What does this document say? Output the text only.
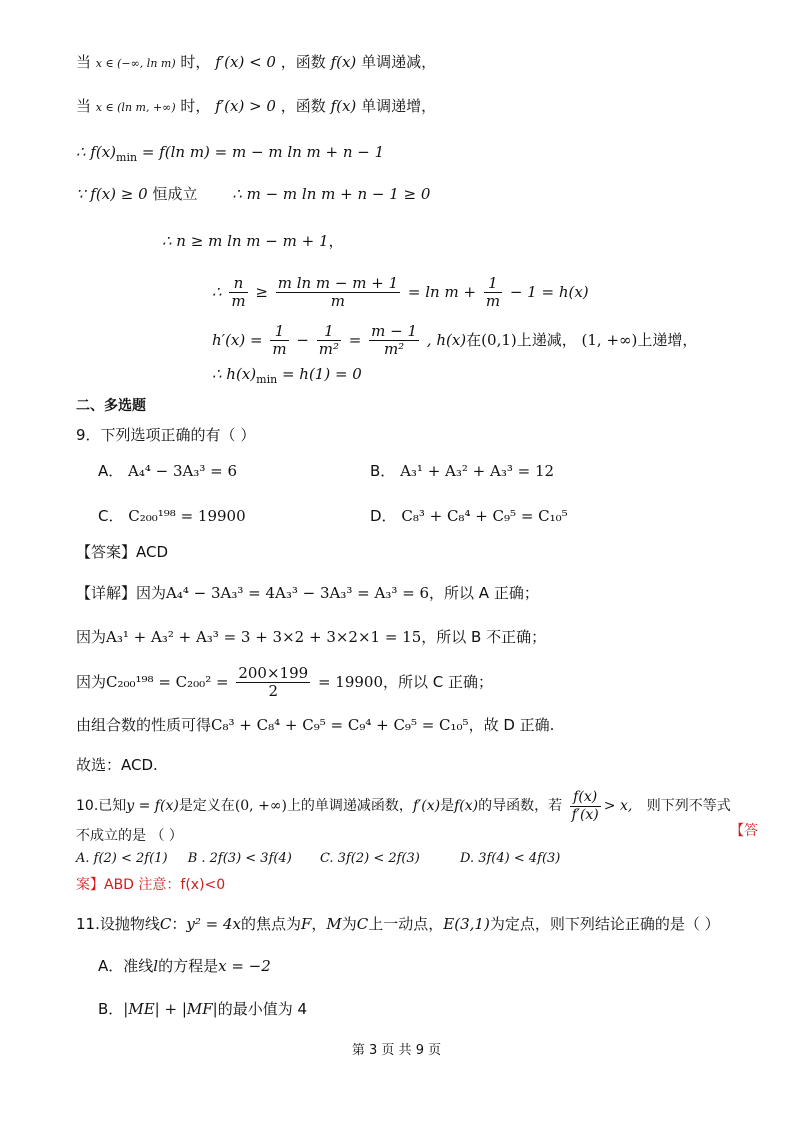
当 x ∈ (−∞, ln m) 时， f′(x) < 0 ，函数 f(x) 单调递减，
当 x ∈ (ln m, +∞) 时， f′(x) > 0 ，函数 f(x) 单调递增，
∴ $f(x)_{min} = f(\ln$ m) = m − m ln m + n − 1
∵ f(x) ≥ 0 恒成立 ∴ m − m ln m + n − 1 ≥ 0
∴ n ≥ m ln m − m + 1，
∴ $\frac{n}{m} \ge \frac{\text{m ln m − m + 1}}{m} = \ln m + \frac{1}{m} - 1 = h(x)$
$h'(x) = \frac{1}{m} - \frac{1}{\text{m²}} = \frac{m - 1}{\text{m²}}$ , h(x)在(0,1)上递减， (1, +∞)上递增，
∴ $h(x)_{min} = h(1) = 0$
二、多选题
9．下列选项正确的有（ ）
A． A₄⁴ − 3A₃³ = 6	B． A₃¹ + A₃² + A₃³ = 12
C． C₂₀₀¹⁹⁸ = 19900	D． C₈³ + C₈⁴ + C₉⁵ = C₁₀⁵
【答案】ACD
【详解】因为A₄⁴ − 3A₃³ = 4A₃³ − 3A₃³ = A₃³ = 6，所以 A 正确；
因为A₃¹ + A₃² + A₃³ = 3 + 3×2 + 3×2×1 = 15，所以 B 不正确；
因为$C_{200}^{198} = C_{200}^2 = \frac{200\times 199}{2} = 19900$，所以 C 正确；
由组合数的性质可得C₈³ + C₈⁴ + C₉⁵ = C₉⁴ + C₉⁵ = C₁₀⁵，故 D 正确.
故选：ACD.
10.已知y = f(x)是定义在(0, +∞)上的单调递减函数，f′(x)是f(x)的导函数，若 $\frac{f(x)}{f'(x)} > x$, 则下列不等式
不成立的是 （ ）	【答
A. f(2) < 2f(1) B . 2f(3) < 3f(4) C. 3f(2) < 2f(3)	D. 3f(4) < 4f(3)
案】ABD 注意：f(x)<0
11.设抛物线C：y² = 4x的焦点为F，M为C上一动点，E(3,1)为定点，则下列结论正确的是（ ）
A．准线l的方程是x = −2
B．|ME| + |MF|的最小值为 4
第 3 页 共 9 页
